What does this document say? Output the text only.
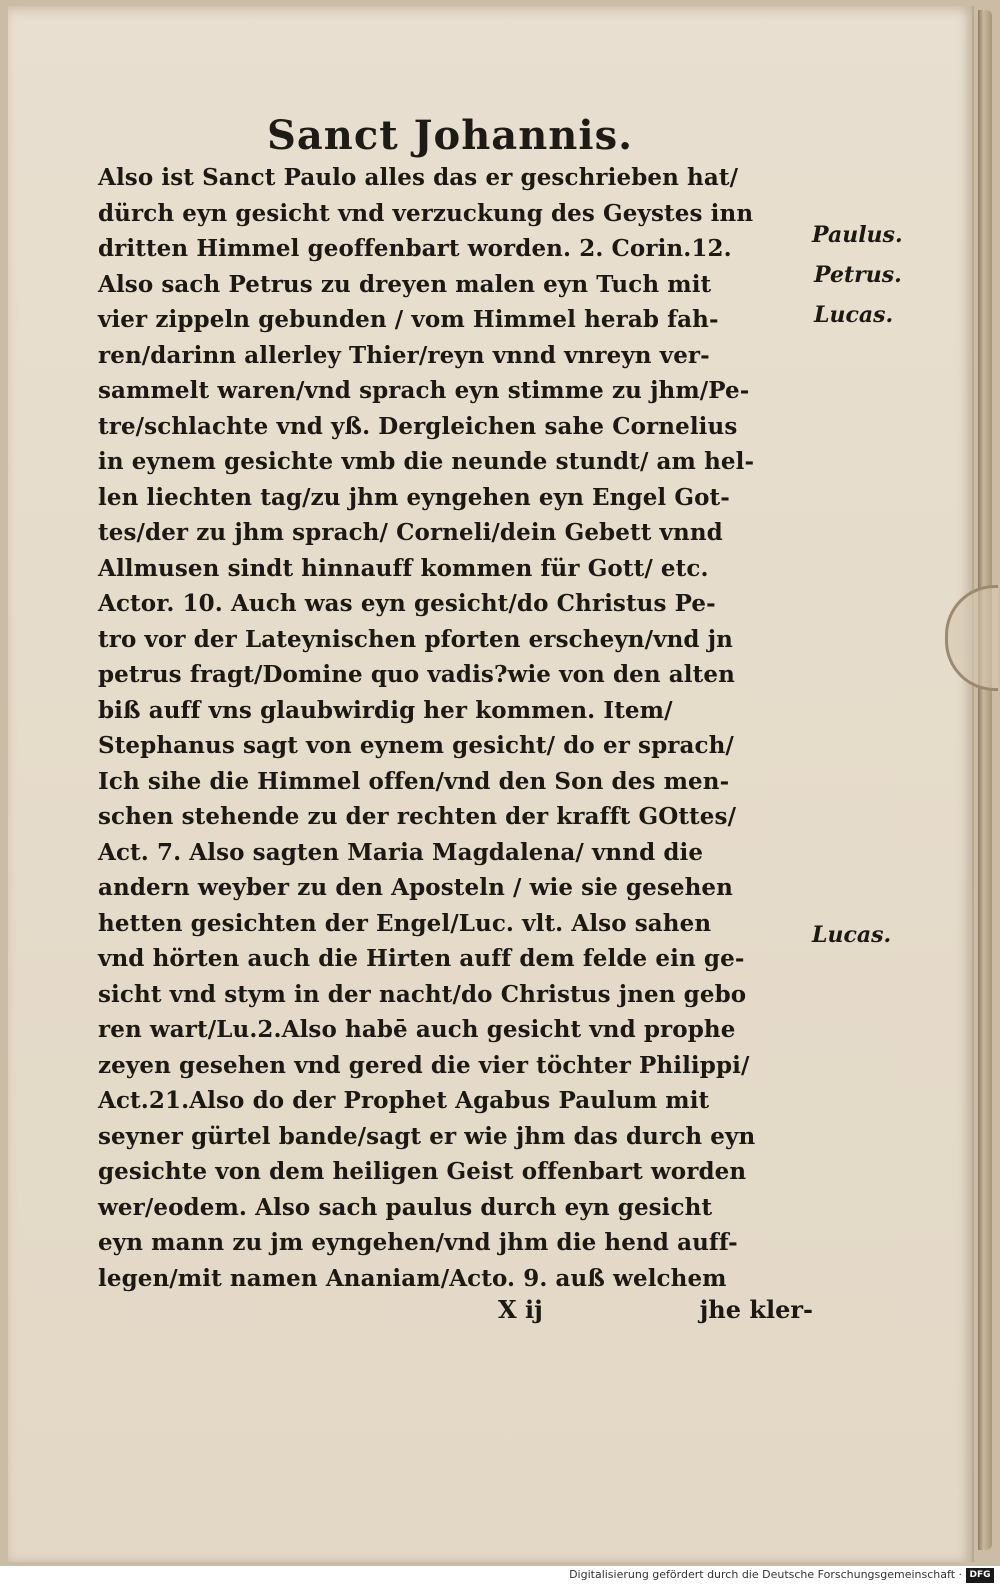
Sanct Johannis.
Also ist Sanct Paulo alles das er geschrieben hat/
dürch eyn gesicht vnd verzuckung des Geystes inn
dritten Himmel geoffenbart worden. 2. Corin.12.
Also sach Petrus zu dreyen malen eyn Tuch mit
vier zippeln gebunden / vom Himmel herab fah-
ren/darinn allerley Thier/reyn vnnd vnreyn ver-
sammelt waren/vnd sprach eyn stimme zu jhm/Pe-
tre/schlachte vnd yß. Dergleichen sahe Cornelius
in eynem gesichte vmb die neunde stundt/ am hel-
len liechten tag/zu jhm eyngehen eyn Engel Got-
tes/der zu jhm sprach/ Corneli/dein Gebett vnnd
Allmusen sindt hinnauff kommen für Gott/ etc.
Actor. 10. Auch was eyn gesicht/do Christus Pe-
tro vor der Lateynischen pforten erscheyn/vnd jn
petrus fragt/Domine quo vadis?wie von den alten
biß auff vns glaubwirdig her kommen. Item/
Stephanus sagt von eynem gesicht/ do er sprach/
Ich sihe die Himmel offen/vnd den Son des men-
schen stehende zu der rechten der krafft GOttes/
Act. 7. Also sagten Maria Magdalena/ vnnd die
andern weyber zu den Aposteln / wie sie gesehen
hetten gesichten der Engel/Luc. vlt. Also sahen
vnd hörten auch die Hirten auff dem felde ein ge-
sicht vnd stym in der nacht/do Christus jnen gebo
ren wart/Lu.2.Also habē auch gesicht vnd prophe
zeyen gesehen vnd gered die vier töchter Philippi/
Act.21.Also do der Prophet Agabus Paulum mit
seyner gürtel bande/sagt er wie jhm das durch eyn
gesichte von dem heiligen Geist offenbart worden
wer/eodem. Also sach paulus durch eyn gesicht
eyn mann zu jm eyngehen/vnd jhm die hend auff-
legen/mit namen Ananiam/Acto. 9. auß welchem
X ij	jhe kler-
Paulus.
Petrus.
Lucas.
Lucas.
Digitalisierung gefördert durch die Deutsche Forschungsgemeinschaft · DFG
